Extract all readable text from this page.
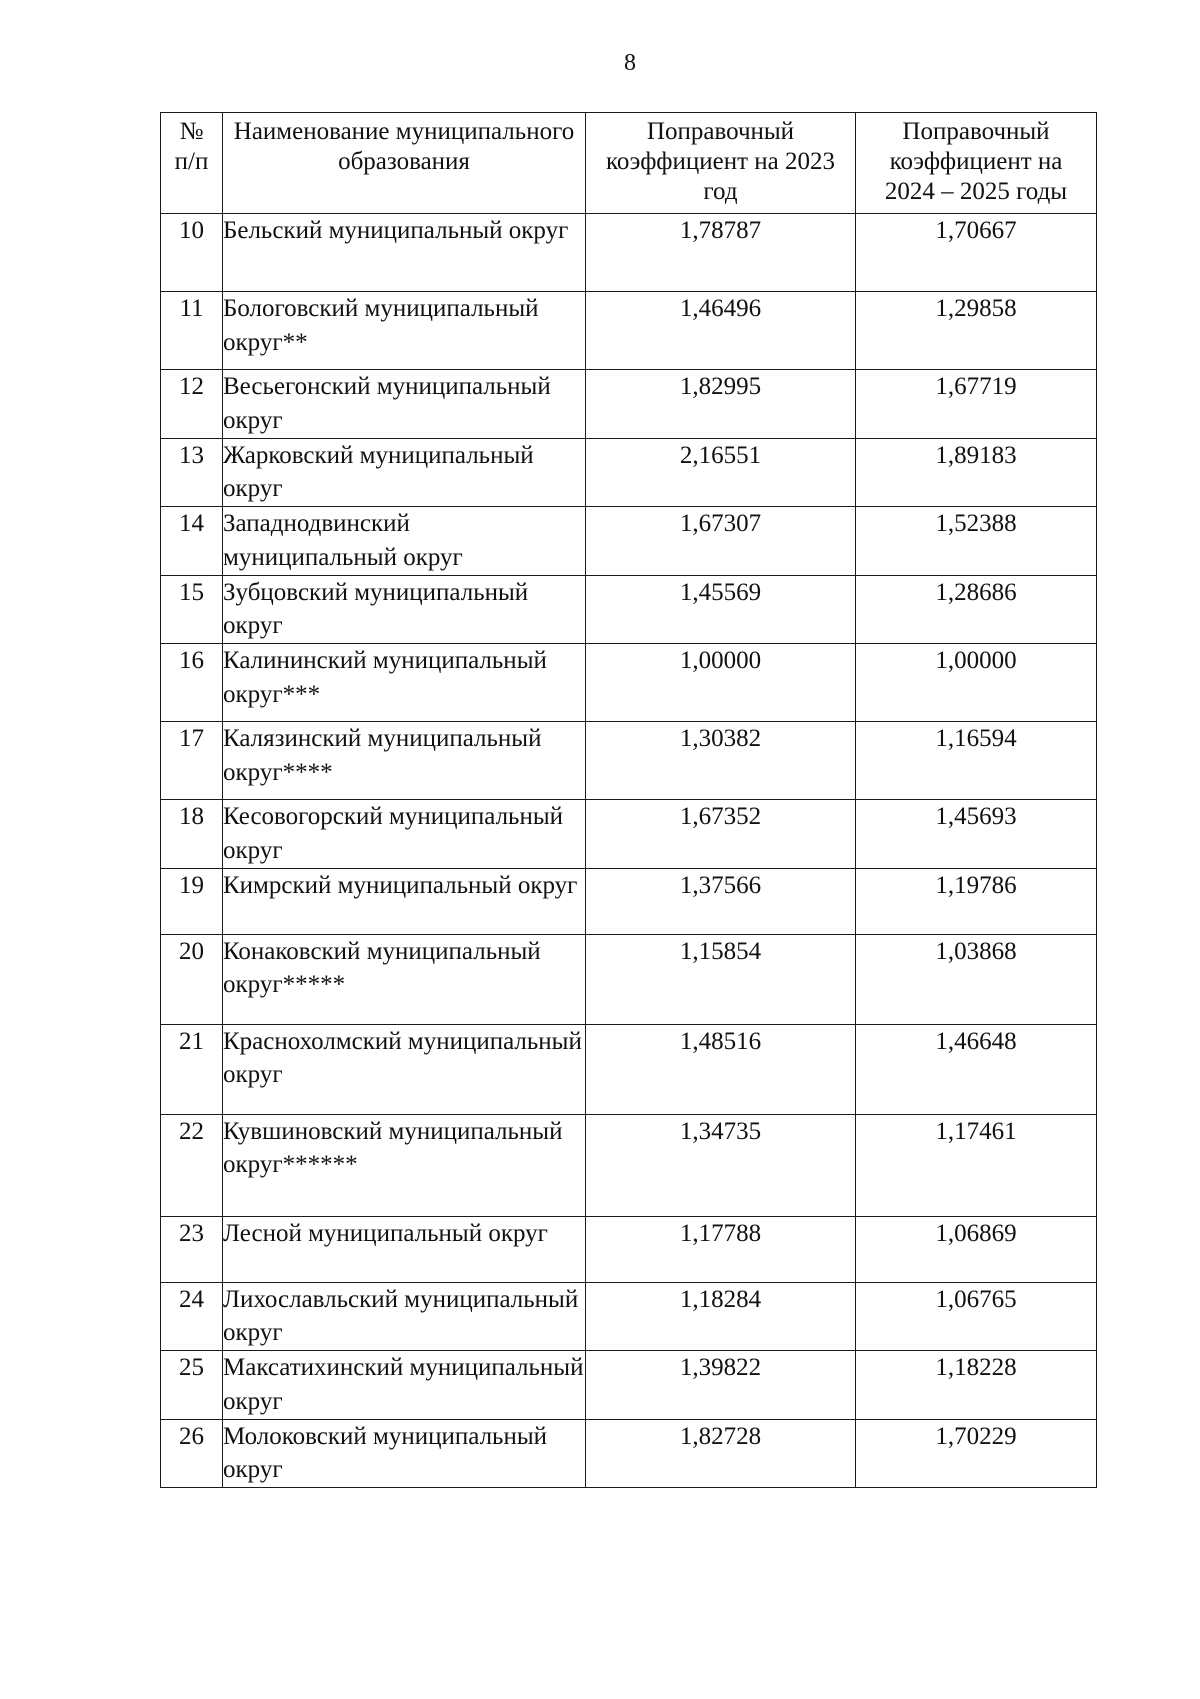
8
№ п/п	Наименование муниципального образования	Поправочный коэффициент на 2023 год	Поправочный коэффициент на 2024 – 2025 годы
10	Бельский муниципальный округ	1,78787	1,70667
11	Бологовский муниципальный округ**	1,46496	1,29858
12	Весьегонский муниципальный округ	1,82995	1,67719
13	Жарковский муниципальный округ	2,16551	1,89183
14	Западнодвинский муниципальный округ	1,67307	1,52388
15	Зубцовский муниципальный округ	1,45569	1,28686
16	Калининский муниципальный округ***	1,00000	1,00000
17	Калязинский муниципальный округ****	1,30382	1,16594
18	Кесовогорский муниципальный округ	1,67352	1,45693
19	Кимрский муниципальный округ	1,37566	1,19786
20	Конаковский муниципальный округ*****	1,15854	1,03868
21	Краснохолмский муниципальный округ	1,48516	1,46648
22	Кувшиновский муниципальный округ******	1,34735	1,17461
23	Лесной муниципальный округ	1,17788	1,06869
24	Лихославльский муниципальный округ	1,18284	1,06765
25	Максатихинский муниципальный округ	1,39822	1,18228
26	Молоковский муниципальный округ	1,82728	1,70229
